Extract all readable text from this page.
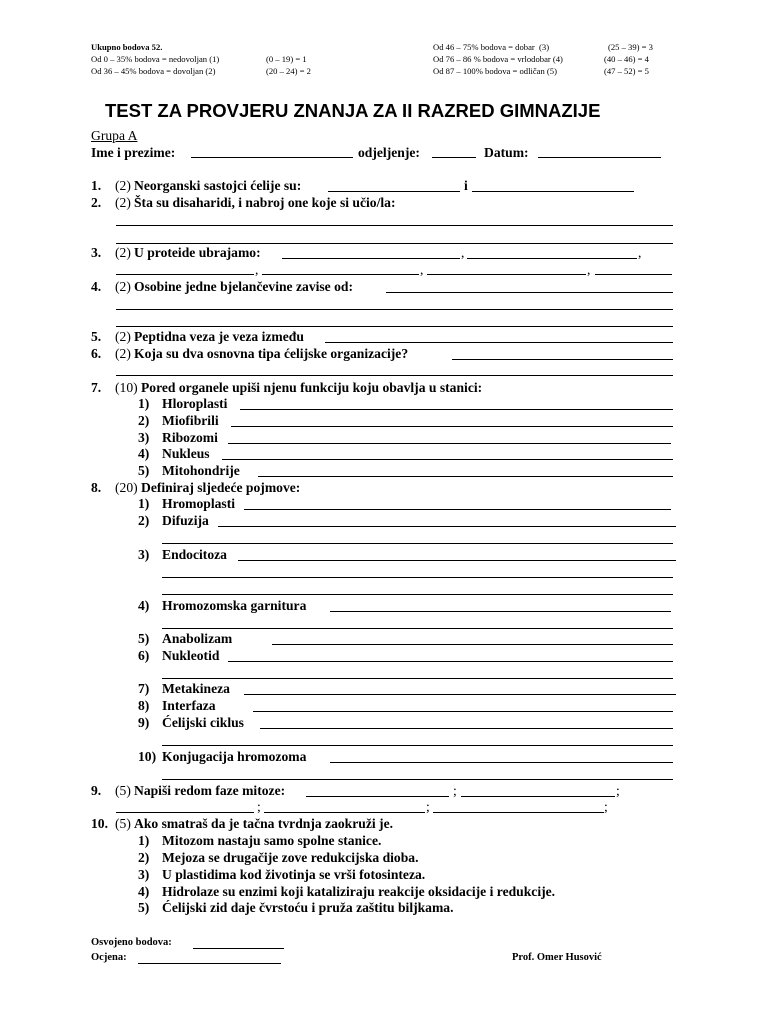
Ukupno bodova 52.
Od 0 – 35% bodova = nedovoljan (1)	(0 – 19) = 1
Od 36 – 45% bodova = dovoljan (2)	(20 – 24) = 2
Od 46 – 75% bodova = dobar  (3)	(25 – 39) = 3
Od 76 – 86 % bodova = vrlodobar (4)	(40 – 46) = 4
Od 87 – 100% bodova = odličan (5)	(47 – 52) = 5
TEST ZA PROVJERU ZNANJA ZA II RAZRED GIMNAZIJE
Grupa A
Ime i prezime:	odjeljenje:	Datum:
1. (2) Neorganski sastojci ćelije su:	i
2. (2) Šta su disaharidi, i nabroj one koje si učio/la:
3. (2) U proteide ubrajamo:	,	,
,	,	,
4. (2) Osobine jedne bjelančevine zavise od:
5. (2) Peptidna veza je veza između
6. (2) Koja su dva osnovna tipa ćelijske organizacije?
7. (10) Pored organele upiši njenu funkciju koju obavlja u stanici:
1) Hloroplasti
2) Miofibrili
3) Ribozomi
4) Nukleus
5) Mitohondrije
8. (20) Definiraj sljedeće pojmove:
1) Hromoplasti
2) Difuzija
3) Endocitoza
4) Hromozomska garnitura
5) Anabolizam
6) Nukleotid
7) Metakineza
8) Interfaza
9) Ćelijski ciklus
10) Konjugacija hromozoma
9. (5) Napiši redom faze mitoze:	;	;
;	;	;
10. (5) Ako smatraš da je tačna tvrdnja zaokruži je.
1) Mitozom nastaju samo spolne stanice.
2) Mejoza se drugačije zove redukcijska dioba.
3) U plastidima kod životinja se vrši fotosinteza.
4) Hidrolaze su enzimi koji kataliziraju reakcije oksidacije i redukcije.
5) Ćelijski zid daje čvrstoću i pruža zaštitu biljkama.
Osvojeno bodova:
Ocjena:	Prof. Omer Husović
